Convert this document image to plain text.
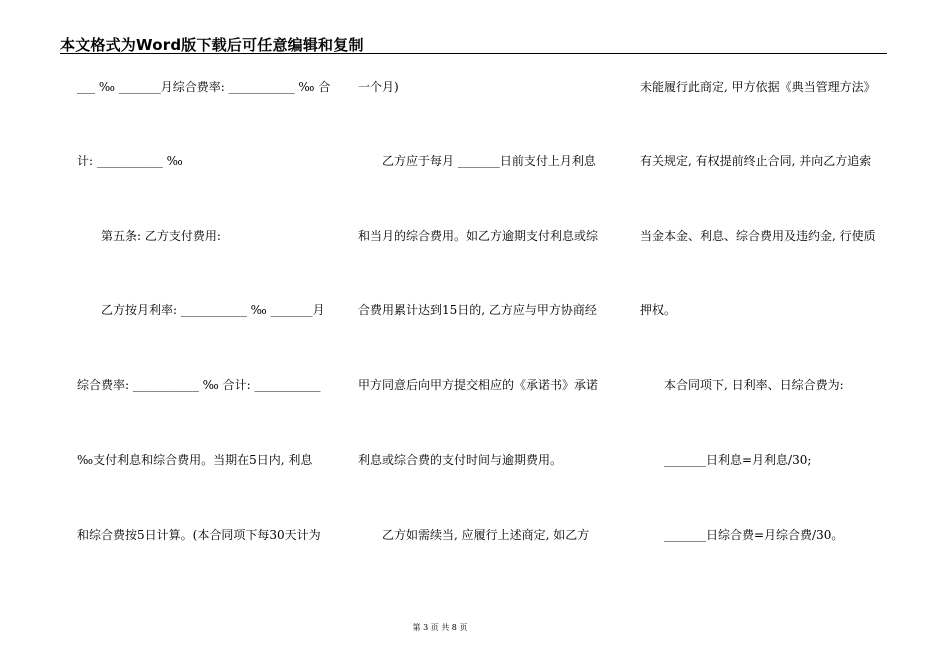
本文格式为Word版下载后可任意编辑和复制
___ ‰ _______月综合费率: ___________ ‰ 合
计: ___________ ‰
第五条: 乙方支付费用:
乙方按月利率: ___________ ‰ _______月
综合费率: ___________ ‰ 合计: ___________
‰支付利息和综合费用。当期在5日内, 利息
和综合费按5日计算。(本合同项下每30天计为
一个月)
乙方应于每月 _______日前支付上月利息
和当月的综合费用。如乙方逾期支付利息或综
合费用累计达到15日的, 乙方应与甲方协商经
甲方同意后向甲方提交相应的《承诺书》承诺
利息或综合费的支付时间与逾期费用。
乙方如需续当, 应履行上述商定, 如乙方
未能履行此商定, 甲方依据《典当管理方法》
有关规定, 有权提前终止合同, 并向乙方追索
当金本金、利息、综合费用及违约金, 行使质
押权。
本合同项下, 日利率、日综合费为:
_______日利息=月利息/30;
_______日综合费=月综合费/30。
第 3 页 共 8 页
